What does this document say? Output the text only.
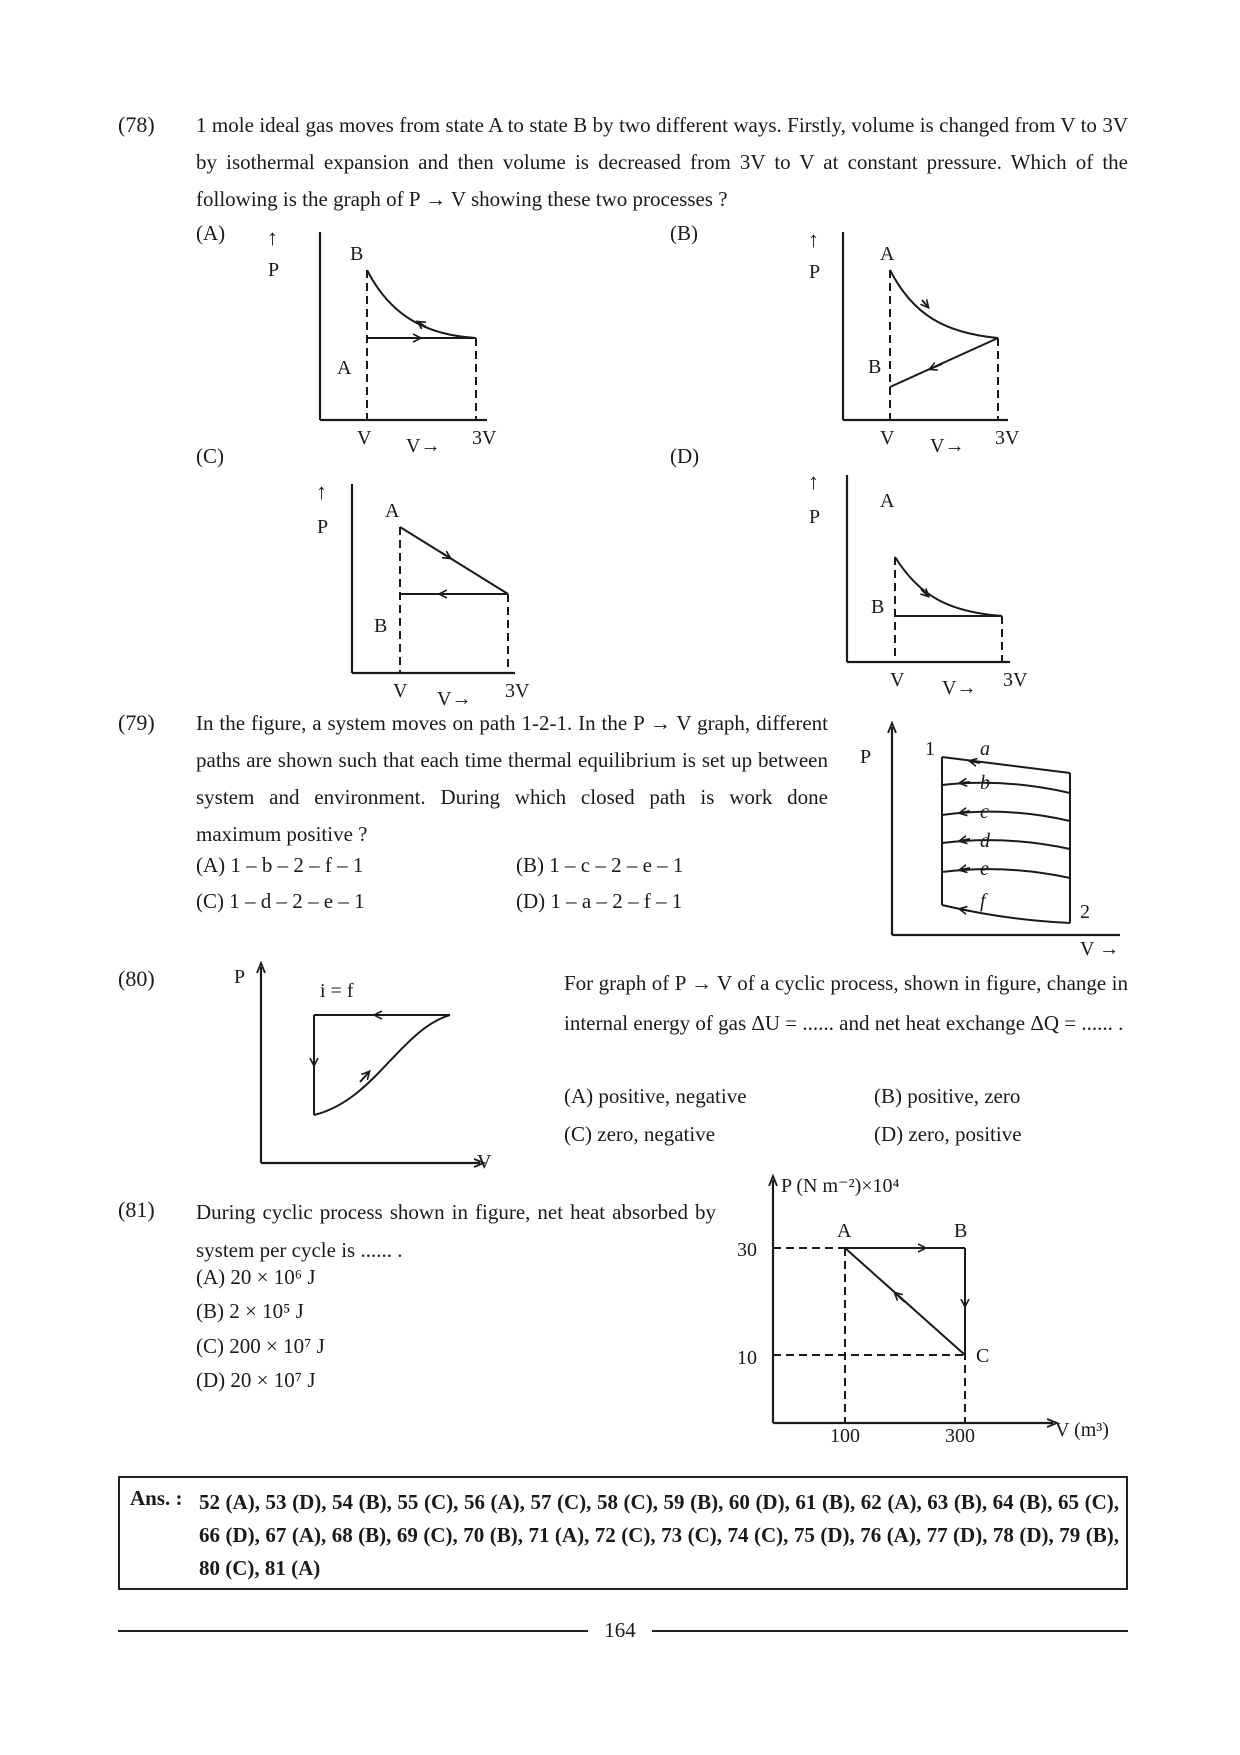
(78) 1 mole ideal gas moves from state A to state B by two different ways. Firstly, volume is changed from V to 3V by isothermal expansion and then volume is decreased from 3V to V at constant pressure. Which of the following is the graph of P → V showing these two processes ?
(A)	(B)
(C)	(D)
↑
P
B
A
V V→ 3V
↑
P
A
B
V V→ 3V
↑
P
A
B
V V→ 3V
↑
P
A
B
V V→ 3V
(79) In the figure, a system moves on path 1-2-1. In the P → V graph, different paths are shown such that each time thermal equilibrium is set up between system and environment. During which closed path is work done maximum positive ?
(A) 1 – b – 2 – f – 1	(B) 1 – c – 2 – e – 1
(C) 1 – d – 2 – e – 1	(D) 1 – a – 2 – f – 1
P
V →
1
2
a
b
c
d
e
f
(80)	For graph of P → V of a cyclic process, shown in figure, change in internal energy of gas ΔU = ...... and net heat exchange ΔQ = ...... .
(A) positive, negative	(B) positive, zero
(C) zero, negative	(D) zero, positive
P
V
i = f
(81) During cyclic process shown in figure, net heat absorbed by system per cycle is ...... .
(A) 20 × 10⁶ J
(B) 2 × 10⁵ J
(C) 200 × 10⁷ J
(D) 20 × 10⁷ J
P (N m⁻²)×10⁴
V (m³)
30
10
100	300
A	B
C
Ans. : 52 (A), 53 (D), 54 (B), 55 (C), 56 (A), 57 (C), 58 (C), 59 (B), 60 (D), 61 (B), 62 (A), 63 (B), 64 (B), 65 (C), 66 (D), 67 (A), 68 (B), 69 (C), 70 (B), 71 (A), 72 (C), 73 (C), 74 (C), 75 (D), 76 (A), 77 (D), 78 (D), 79 (B), 80 (C), 81 (A)
164
